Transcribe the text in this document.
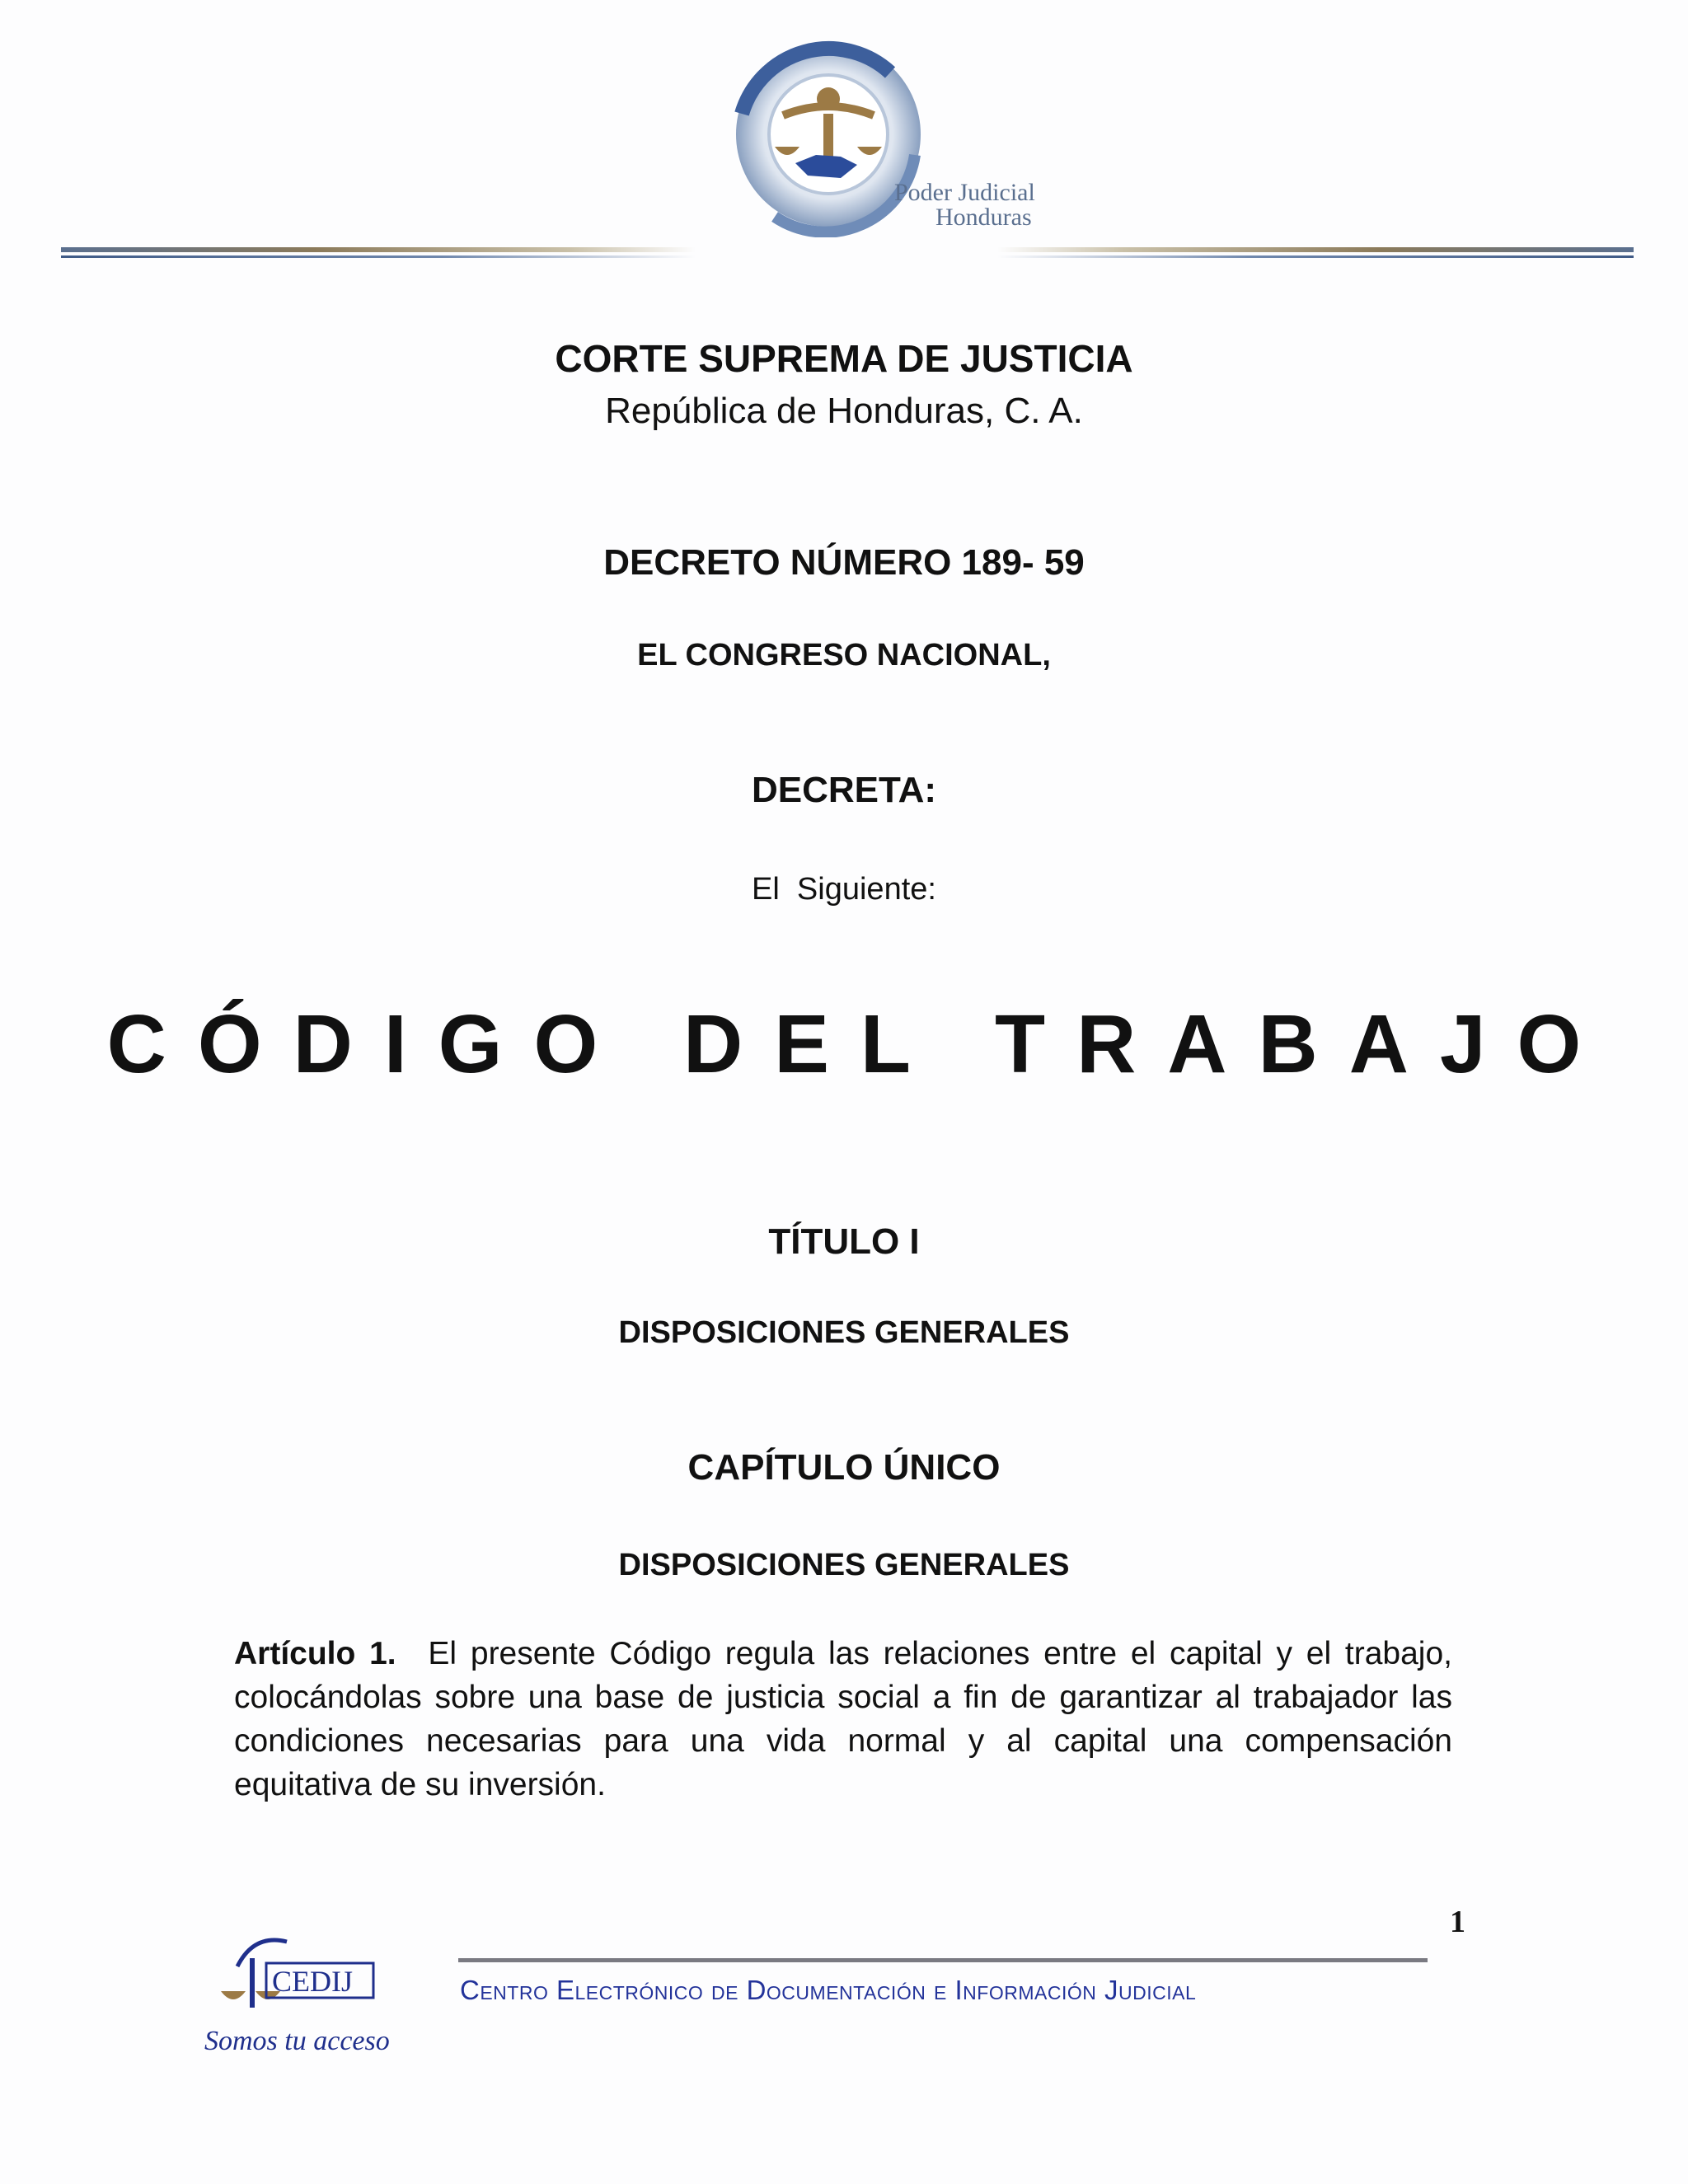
Poder Judicial
Honduras
CORTE SUPREMA DE JUSTICIA
República de Honduras, C. A.
DECRETO NÚMERO 189- 59
EL CONGRESO NACIONAL,
DECRETA:
El  Siguiente:
CÓDIGO DEL TRABAJO
TÍTULO I
DISPOSICIONES GENERALES
CAPÍTULO ÚNICO
DISPOSICIONES GENERALES
Artículo 1. El presente Código regula las relaciones entre el capital y el trabajo, colocándolas sobre una base de justicia social a fin de garantizar al trabajador las condiciones necesarias para una vida normal y al capital una compensación equitativa de su inversión.
1
Centro Electrónico de Documentación e Información Judicial
CEDIJ
Somos tu acceso
